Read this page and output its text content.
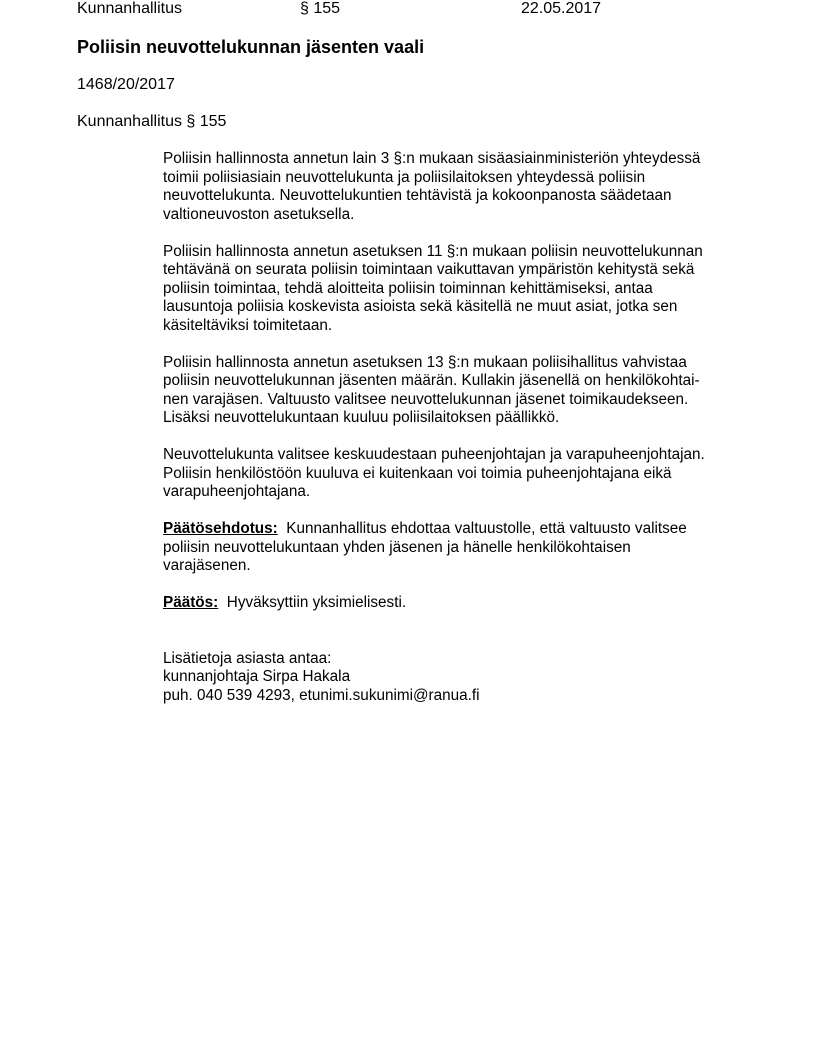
Kunnanhallitus	§ 155	22.05.2017
Poliisin neuvottelukunnan jäsenten vaali
1468/20/2017
Kunnanhallitus § 155

Poliisin hallinnosta annetun lain 3 §:n mukaan sisäasiainministeriön yhteydessä
toimii poliisiasiain neuvottelukunta ja poliisilaitoksen yhteydessä poliisin
neuvottelukunta. Neuvottelukuntien tehtävistä ja kokoonpanosta säädetaan
valtioneuvoston asetuksella.

Poliisin hallinnosta annetun asetuksen 11 §:n mukaan poliisin neuvottelukunnan
tehtävänä on seurata poliisin toimintaan vaikuttavan ympäristön kehitystä sekä
poliisin toimintaa, tehdä aloitteita poliisin toiminnan kehittämiseksi, antaa
lausuntoja poliisia koskevista asioista sekä käsitellä ne muut asiat, jotka sen
käsiteltäviksi toimitetaan.

Poliisin hallinnosta annetun asetuksen 13 §:n mukaan poliisihallitus vahvistaa
poliisin neuvottelukunnan jäsenten määrän. Kullakin jäsenellä on henkilökohtai-
nen varajäsen. Valtuusto valitsee neuvottelukunnan jäsenet toimikaudekseen.
Lisäksi neuvottelukuntaan kuuluu poliisilaitoksen päällikkö.

Neuvottelukunta valitsee keskuudestaan puheenjohtajan ja varapuheenjohtajan.
Poliisin henkilöstöön kuuluva ei kuitenkaan voi toimia puheenjohtajana eikä
varapuheenjohtajana.

Päätösehdotus: Kunnanhallitus ehdottaa valtuustolle, että valtuusto valitsee
poliisin neuvottelukuntaan yhden jäsenen ja hänelle henkilökohtaisen
varajäsenen.

Päätös: Hyväksyttiin yksimielisesti.

Lisätietoja asiasta antaa:
kunnanjohtaja Sirpa Hakala
puh. 040 539 4293, etunimi.sukunimi@ranua.fi
